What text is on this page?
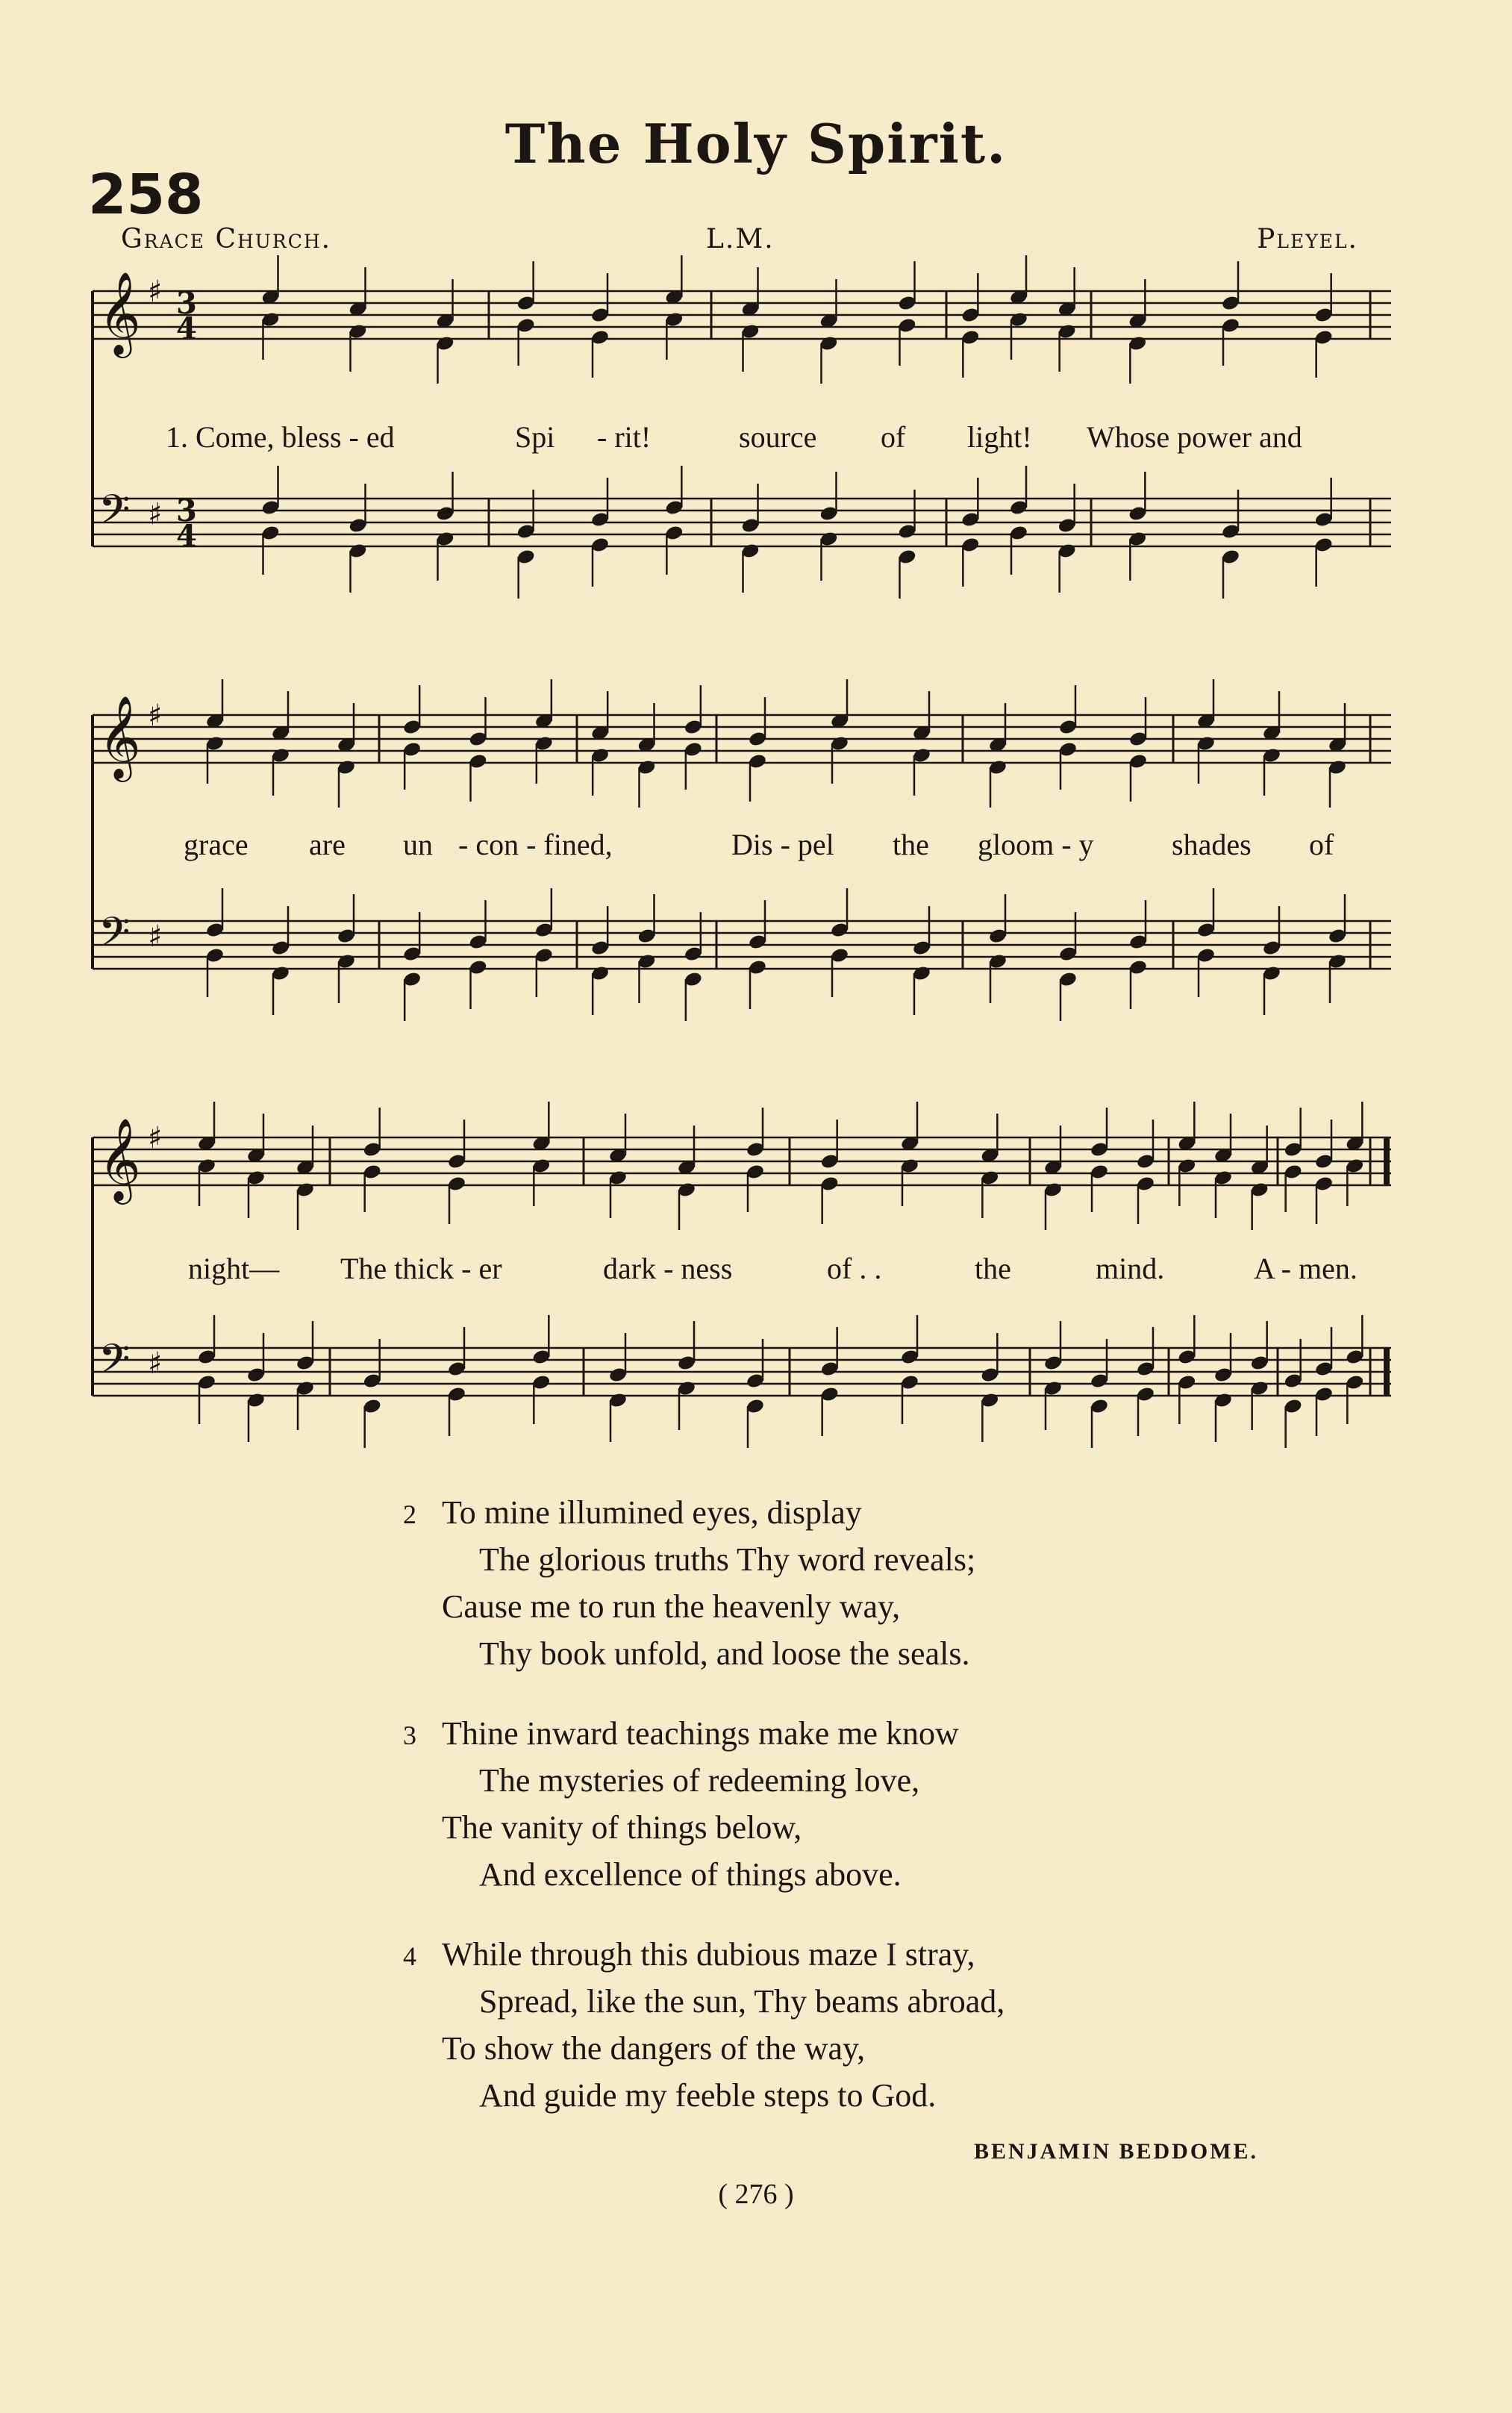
The Holy Spirit.
258
Grace Church.	L.M.	Pleyel.
𝄞 ♯ 3
4
𝄢 ♯ 3
4
𝄞 ♯
𝄢 ♯
𝄞 ♯
𝄢 ♯
1. Come, bless - ed	Spi - rit!	source of light! Whose power and
grace are un - con - fined,	Dis - pel the gloom - y	shades of
night— The thick - er	dark - ness	of . .	the	mind.	A - men.
2 To mine illumined eyes, display
The glorious truths Thy word reveals;
Cause me to run the heavenly way,
Thy book unfold, and loose the seals.
3 Thine inward teachings make me know
The mysteries of redeeming love,
The vanity of things below,
And excellence of things above.
4 While through this dubious maze I stray,
Spread, like the sun, Thy beams abroad,
To show the dangers of the way,
And guide my feeble steps to God.
BENJAMIN BEDDOME.
( 276 )
